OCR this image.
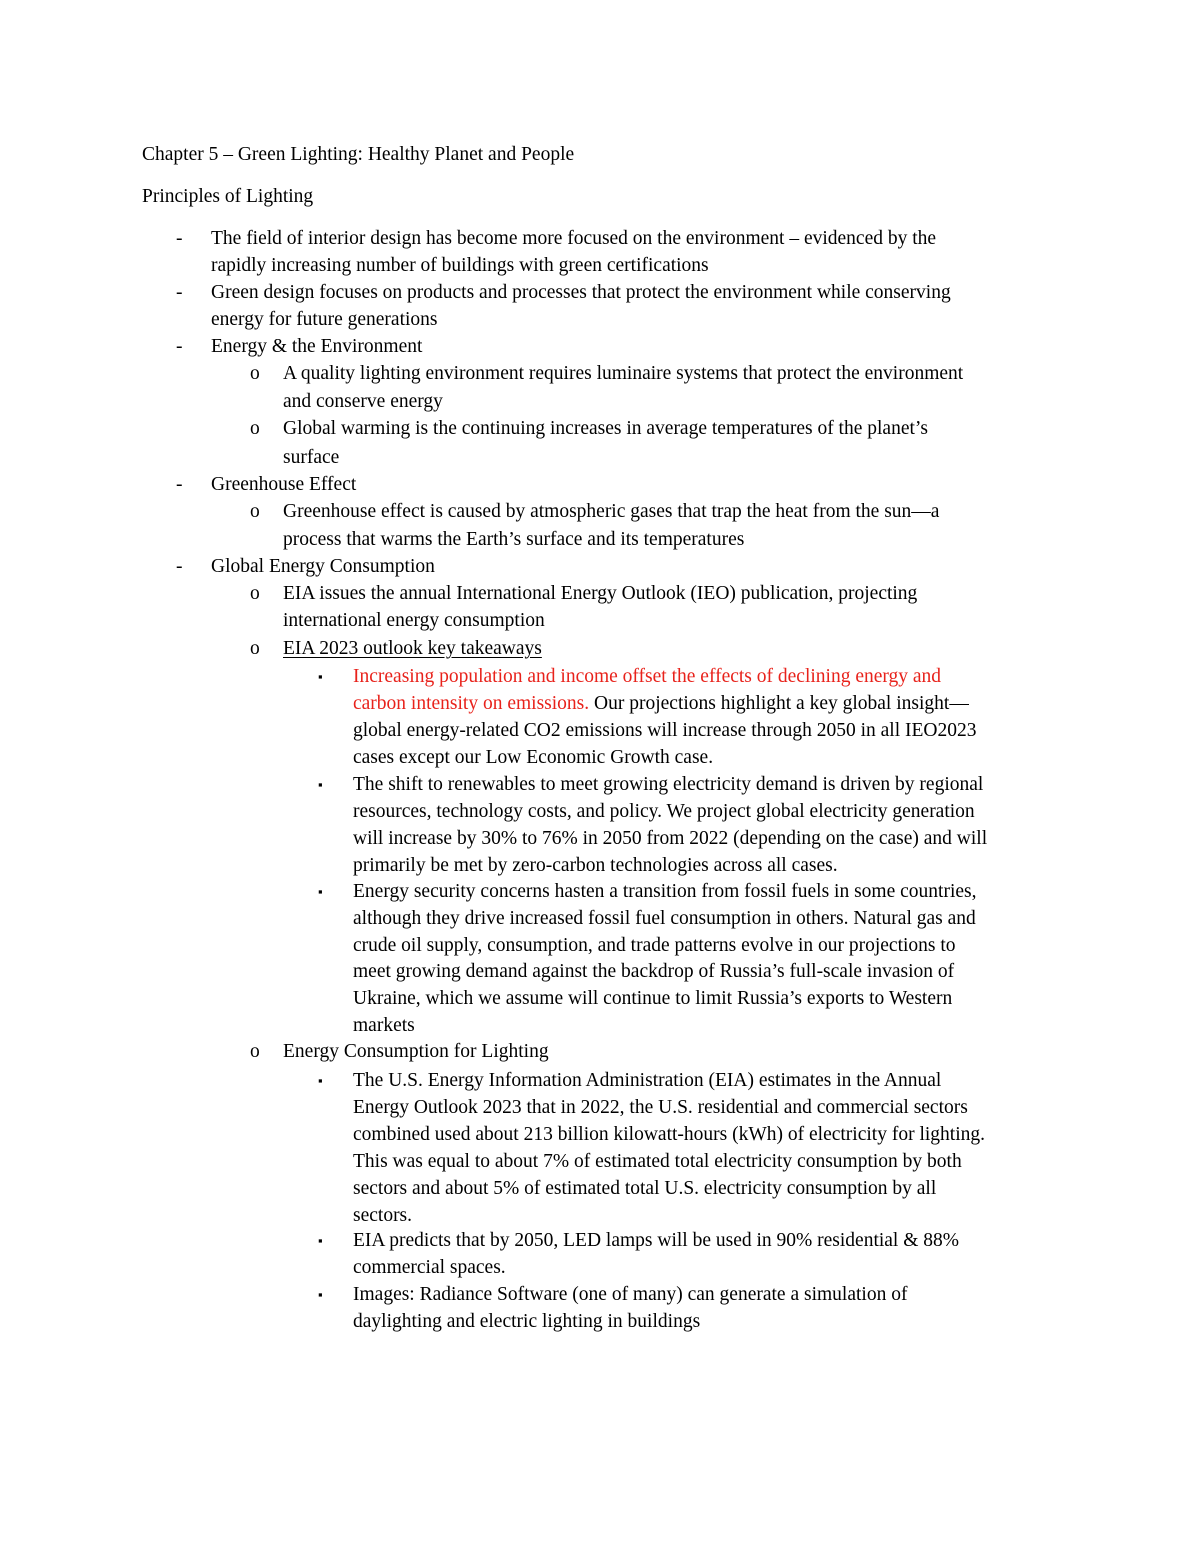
Chapter 5 – Green Lighting: Healthy Planet and People
Principles of Lighting
- The field of interior design has become more focused on the environment – evidenced by the
rapidly increasing number of buildings with green certifications
- Green design focuses on products and processes that protect the environment while conserving
energy for future generations
- Energy & the Environment
o A quality lighting environment requires luminaire systems that protect the environment
and conserve energy
o Global warming is the continuing increases in average temperatures of the planet’s
surface
- Greenhouse Effect
o Greenhouse effect is caused by atmospheric gases that trap the heat from the sun—a
process that warms the Earth’s surface and its temperatures
- Global Energy Consumption
o EIA issues the annual International Energy Outlook (IEO) publication, projecting
international energy consumption
o EIA 2023 outlook key takeaways
▪ Increasing population and income offset the effects of declining energy and
carbon intensity on emissions. Our projections highlight a key global insight—
global energy-related CO2 emissions will increase through 2050 in all IEO2023
cases except our Low Economic Growth case.
▪ The shift to renewables to meet growing electricity demand is driven by regional
resources, technology costs, and policy. We project global electricity generation
will increase by 30% to 76% in 2050 from 2022 (depending on the case) and will
primarily be met by zero-carbon technologies across all cases.
▪ Energy security concerns hasten a transition from fossil fuels in some countries,
although they drive increased fossil fuel consumption in others. Natural gas and
crude oil supply, consumption, and trade patterns evolve in our projections to
meet growing demand against the backdrop of Russia’s full-scale invasion of
Ukraine, which we assume will continue to limit Russia’s exports to Western
markets
o Energy Consumption for Lighting
▪ The U.S. Energy Information Administration (EIA) estimates in the Annual
Energy Outlook 2023 that in 2022, the U.S. residential and commercial sectors
combined used about 213 billion kilowatt-hours (kWh) of electricity for lighting.
This was equal to about 7% of estimated total electricity consumption by both
sectors and about 5% of estimated total U.S. electricity consumption by all
sectors.
▪ EIA predicts that by 2050, LED lamps will be used in 90% residential & 88%
commercial spaces.
▪ Images: Radiance Software (one of many) can generate a simulation of
daylighting and electric lighting in buildings
